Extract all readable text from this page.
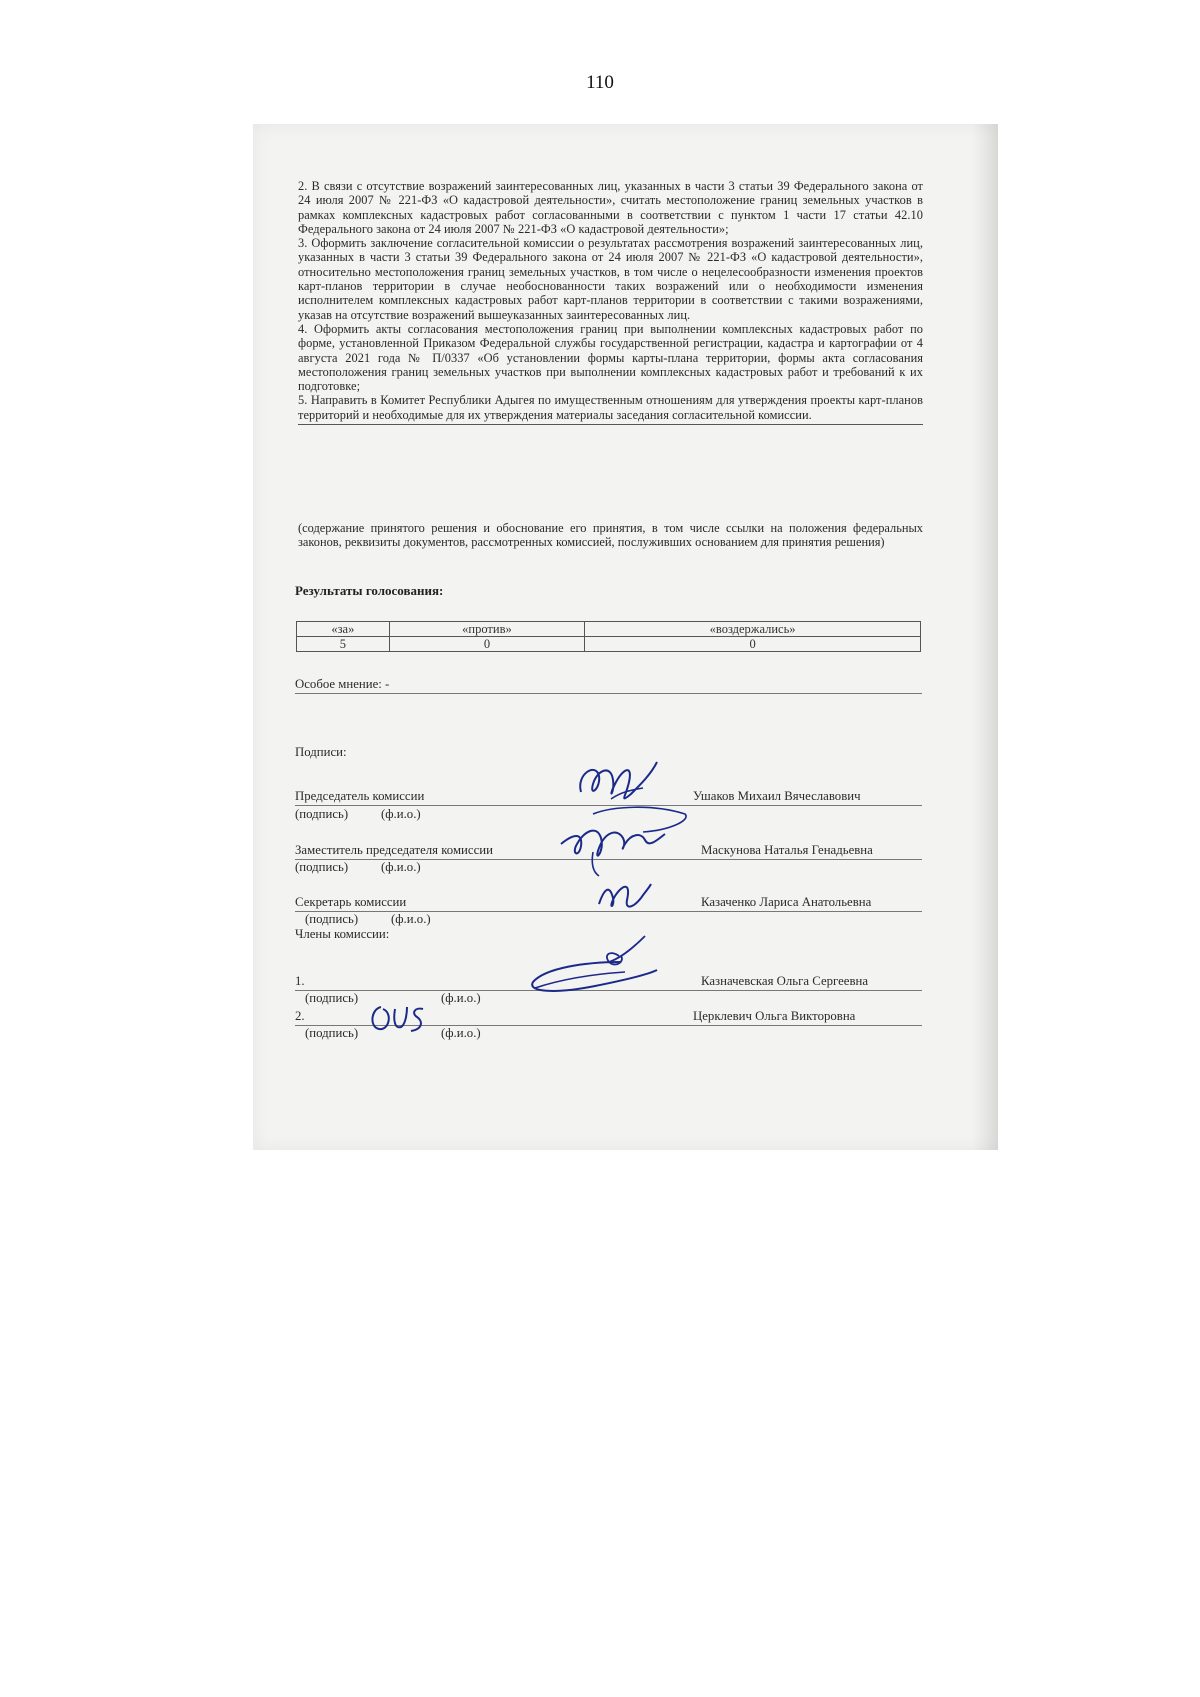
110

2. В связи с отсутствие возражений заинтересованных лиц, указанных в части 3 статьи 39 Федерального закона от 24 июля 2007 № 221-ФЗ «О кадастровой деятельности», считать местоположение границ земельных участков в рамках комплексных кадастровых работ согласованными в соответствии с пунктом 1 части 17 статьи 42.10 Федерального закона от 24 июля 2007 № 221-ФЗ «О кадастровой деятельности»;

3. Оформить заключение согласительной комиссии о результатах рассмотрения возражений заинтересованных лиц, указанных в части 3 статьи 39 Федерального закона от 24 июля 2007 № 221-ФЗ «О кадастровой деятельности», относительно местоположения границ земельных участков, в том числе о нецелесообразности изменения проектов карт-планов территории в случае необоснованности таких возражений или о необходимости изменения исполнителем комплексных кадастровых работ карт-планов территории в соответствии с такими возражениями, указав на отсутствие возражений вышеуказанных заинтересованных лиц.

4. Оформить акты согласования местоположения границ при выполнении комплексных кадастровых работ по форме, установленной Приказом Федеральной службы государственной регистрации, кадастра и картографии от 4 августа 2021 года № П/0337 «Об установлении формы карты-плана территории, формы акта согласования местоположения границ земельных участков при выполнении комплексных кадастровых работ и требований к их подготовке;

5. Направить в Комитет Республики Адыгея по имущественным отношениям для утверждения проекты карт-планов территорий и необходимые для их утверждения материалы заседания согласительной комиссии.

(содержание принятого решения и обоснование его принятия, в том числе ссылки на положения федеральных законов, реквизиты документов, рассмотренных комиссией, послуживших основанием для принятия решения)
Результаты голосования:
«за»	«против»	«воздержались»
5	0	0
Особое мнение: -
Подписи:
Председатель комиссии	Ушаков Михаил Вячеславович
(подпись)	(ф.и.о.)
Заместитель председателя комиссии	Маскунова Наталья Генадьевна
(подпись)	(ф.и.о.)
Секретарь комиссии	Казаченко Лариса Анатольевна
(подпись)	(ф.и.о.)
Члены комиссии:
1.	Казначевская Ольга Сергеевна
(подпись)	(ф.и.о.)
2.	Церклевич Ольга Викторовна
(подпись)	(ф.и.о.)
